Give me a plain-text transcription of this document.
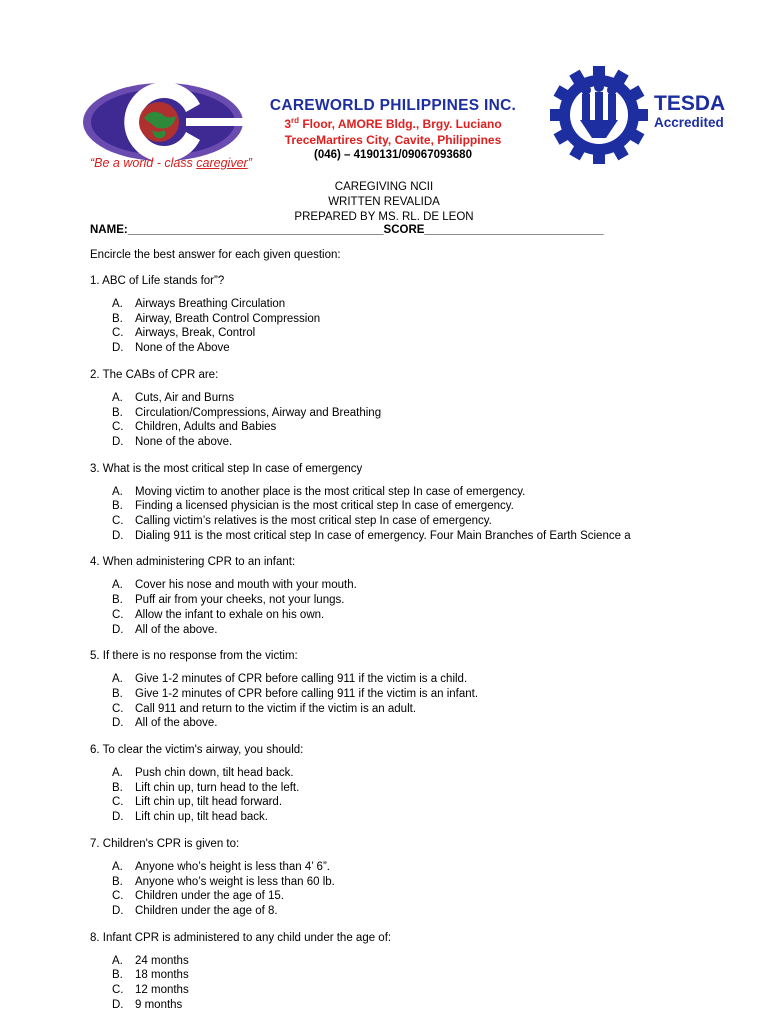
CAREWORLD PHILIPPINES INC.
3rd Floor, AMORE Bldg., Brgy. Luciano
TreceMartires City, Cavite, Philippines
(046) – 4190131/09067093680
“Be a world - class caregiver”
TESDA
Accredited
CAREGIVING NCII
WRITTEN REVALIDA
PREPARED BY MS. RL. DE LEON
NAME:________________________________________SCORE____________________________

Encircle the best answer for each given question:

1. ABC of Life stands for”?

A. Airways Breathing Circulation
B. Airway, Breath Control Compression
C. Airways, Break, Control
D. None of the Above

2. The CABs of CPR are:

A. Cuts, Air and Burns
B. Circulation/Compressions, Airway and Breathing
C. Children, Adults and Babies
D. None of the above.

3. What is the most critical step In case of emergency

A. Moving victim to another place is the most critical step In case of emergency.
B. Finding a licensed physician is the most critical step In case of emergency.
C. Calling victim’s relatives is the most critical step In case of emergency.
D. Dialing 911 is the most critical step In case of emergency. Four Main Branches of Earth Science a

4. When administering CPR to an infant:

A. Cover his nose and mouth with your mouth.
B. Puff air from your cheeks, not your lungs.
C. Allow the infant to exhale on his own.
D. All of the above.

5. If there is no response from the victim:

A. Give 1-2 minutes of CPR before calling 911 if the victim is a child.
B. Give 1-2 minutes of CPR before calling 911 if the victim is an infant.
C. Call 911 and return to the victim if the victim is an adult.
D. All of the above.

6. To clear the victim's airway, you should:

A. Push chin down, tilt head back.
B. Lift chin up, turn head to the left.
C. Lift chin up, tilt head forward.
D. Lift chin up, tilt head back.

7. Children's CPR is given to:

A. Anyone who’s height is less than 4’ 6”.
B. Anyone who’s weight is less than 60 lb.
C. Children under the age of 15.
D. Children under the age of 8.

8. Infant CPR is administered to any child under the age of:

A. 24 months
B. 18 months
C. 12 months
D. 9 months
